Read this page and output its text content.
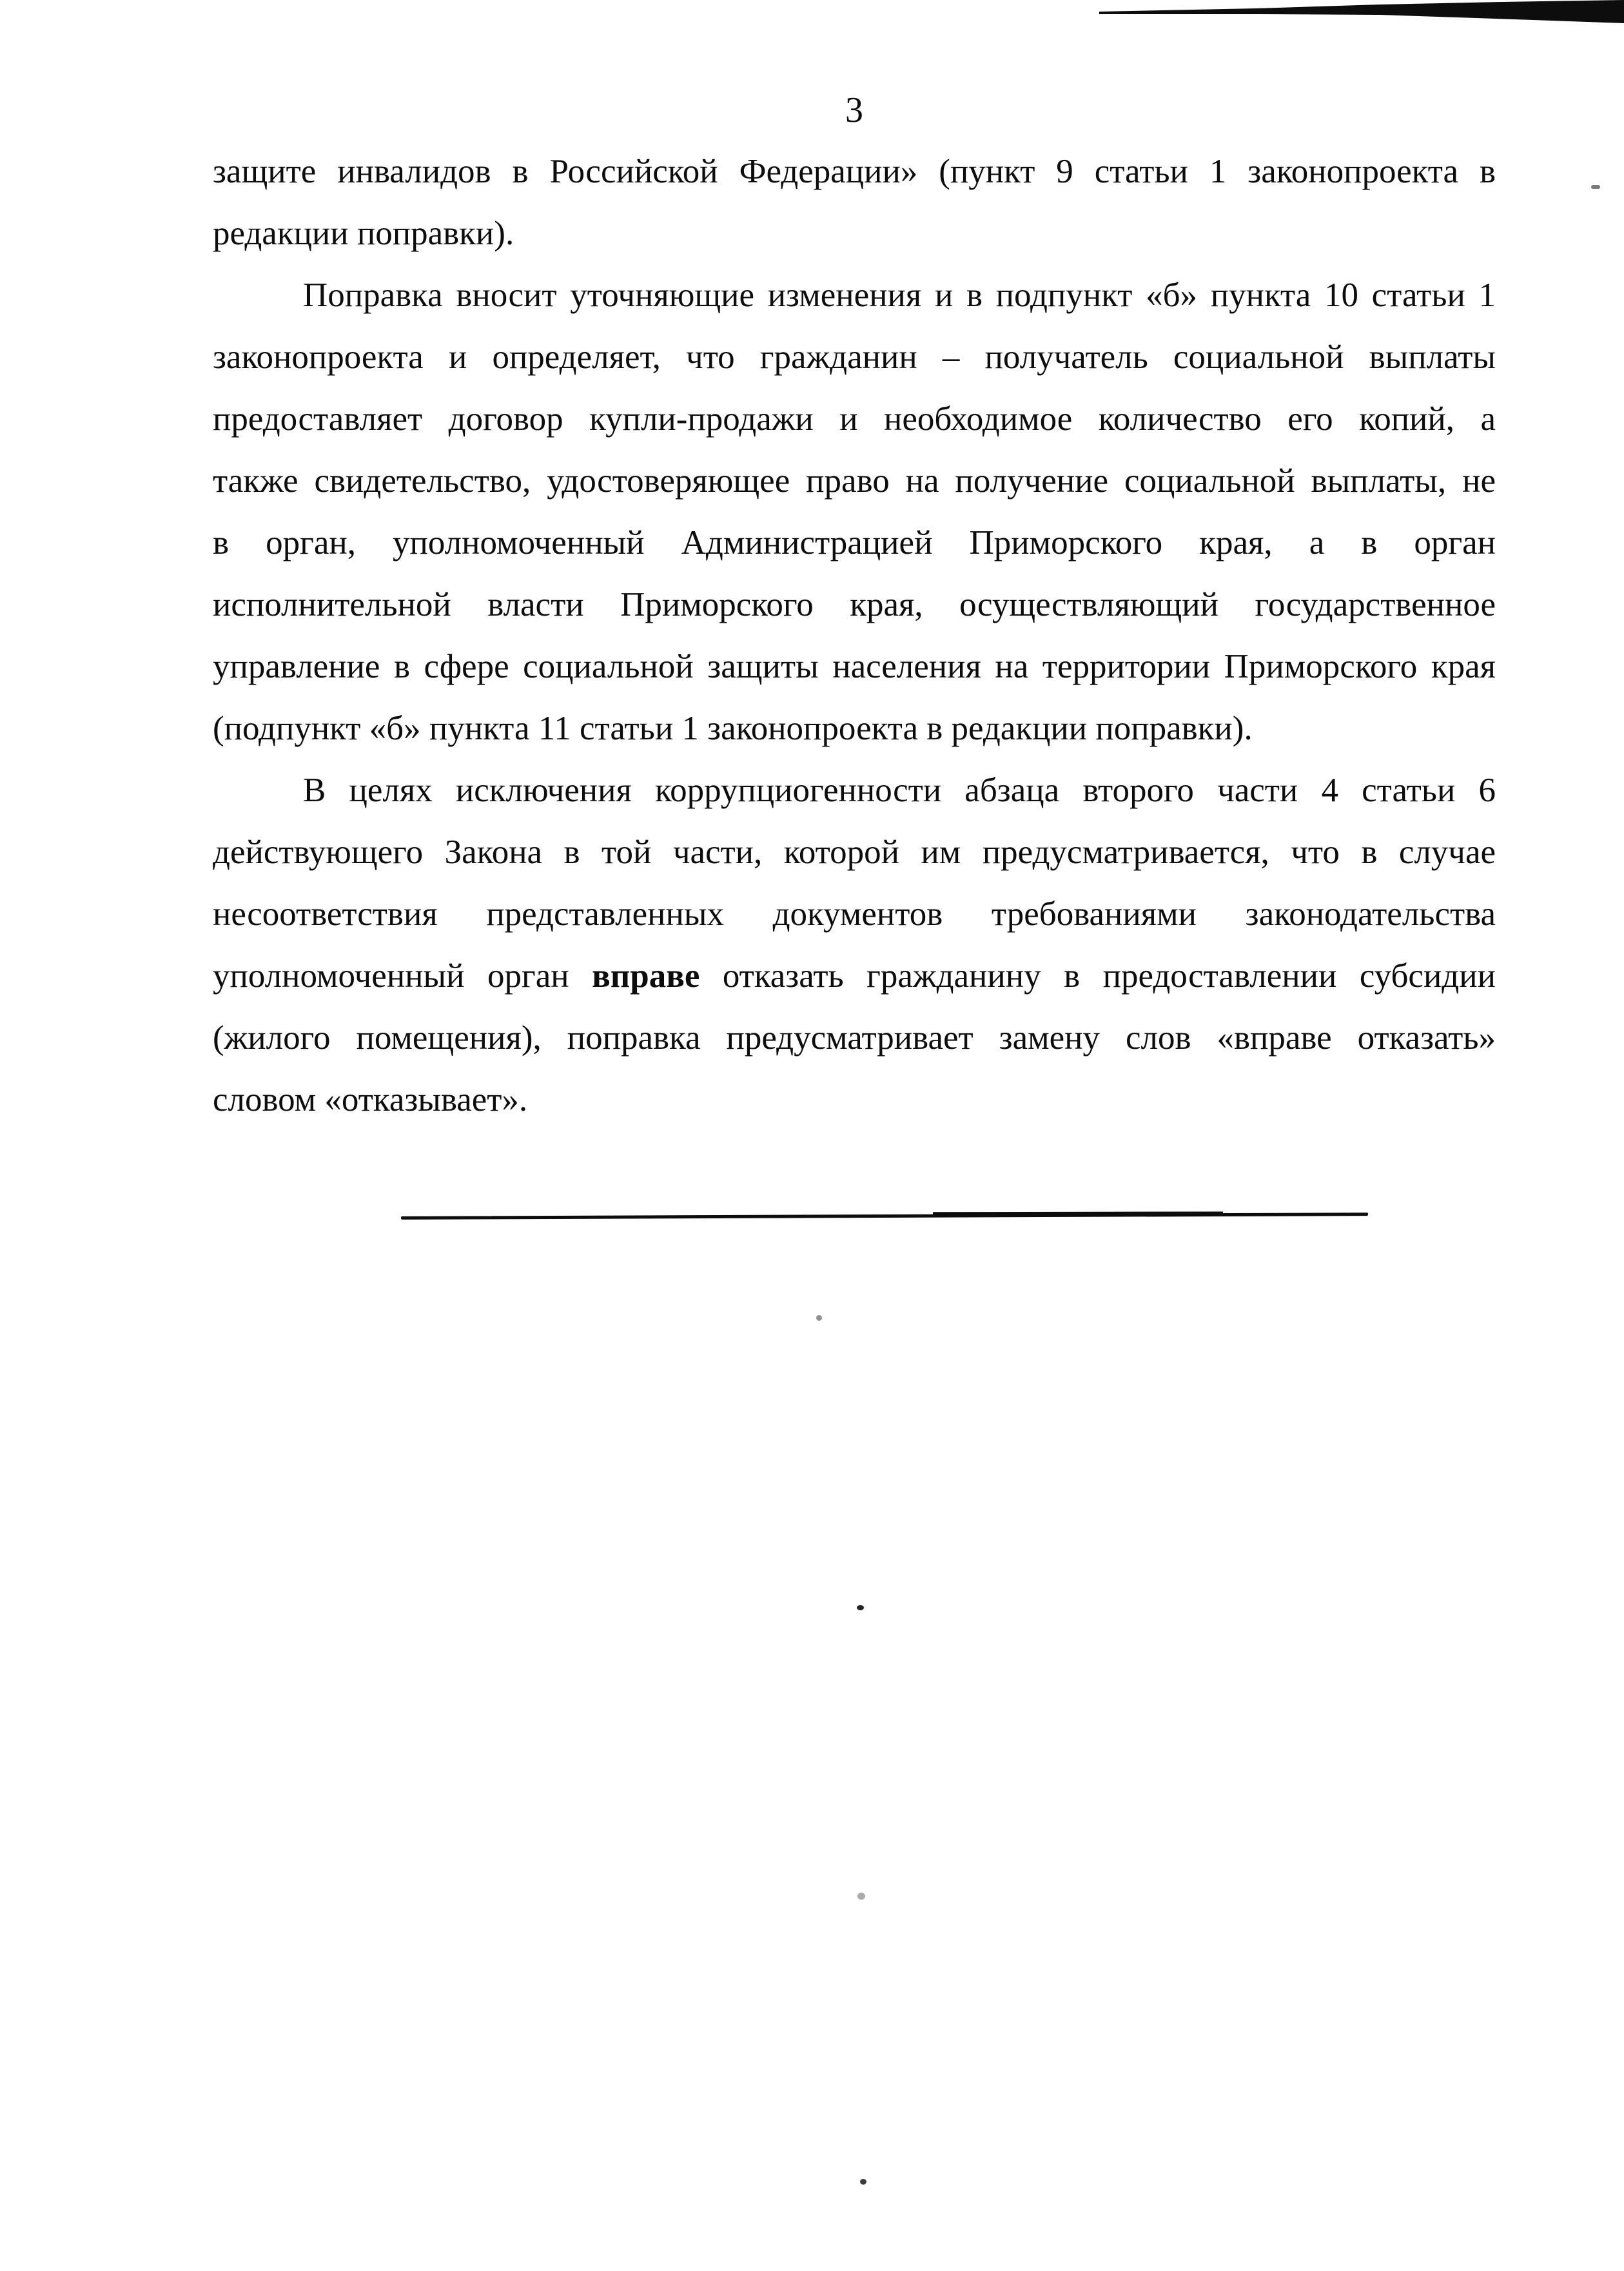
3
защите инвалидов в Российской Федерации» (пункт 9 статьи 1 законопроекта в
редакции поправки).
Поправка вносит уточняющие изменения и в подпункт «б» пункта 10 статьи 1
законопроекта и определяет, что гражданин – получатель социальной выплаты
предоставляет договор купли-продажи и необходимое количество его копий, а
также свидетельство, удостоверяющее право на получение социальной выплаты, не
в орган, уполномоченный Администрацией Приморского края, а в орган
исполнительной власти Приморского края, осуществляющий государственное
управление в сфере социальной защиты населения на территории Приморского края
(подпункт «б» пункта 11 статьи 1 законопроекта в редакции поправки).
В целях исключения коррупциогенности абзаца второго части 4 статьи 6
действующего Закона в той части, которой им предусматривается, что в случае
несоответствия представленных документов требованиями законодательства
уполномоченный орган вправе отказать гражданину в предоставлении субсидии
(жилого помещения), поправка предусматривает замену слов «вправе отказать»
словом «отказывает».
